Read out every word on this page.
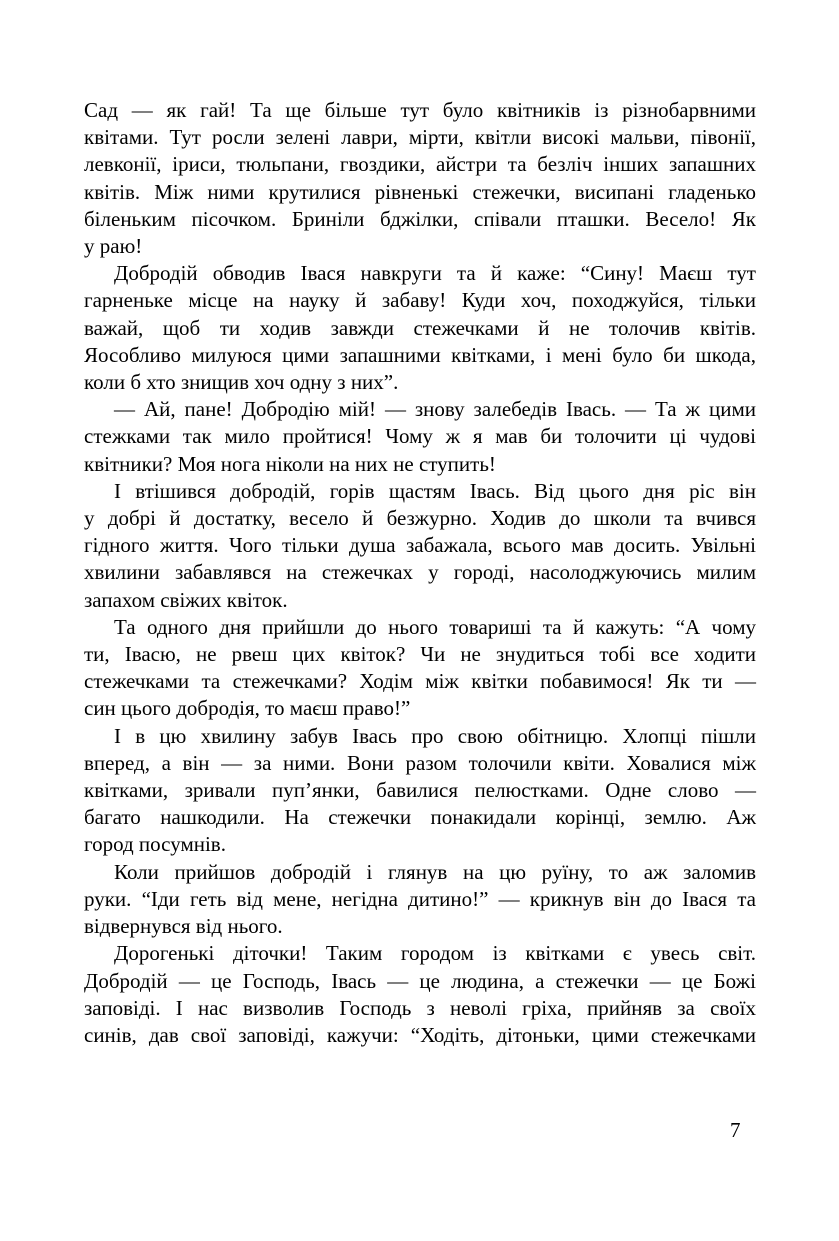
Сад — як гай! Та ще більше тут було квітників із різнобарвними
квітами. Тут росли зелені лаври, мірти, квітли високі мальви, півонії,
левконії, іриси, тюльпани, гвоздики, айстри та безліч інших запашних
квітів. Між ними крутилися рівненькі стежечки, висипані гладенько
біленьким пісочком. Бриніли бджілки, співали пташки. Весело! Як
у раю!

Добродій обводив Івася навкруги та й каже: “Сину! Маєш тут
гарненьке місце на науку й забаву! Куди хоч, походжуйся, тільки
важай, щоб ти ходив завжди стежечками й не толочив квітів.
Яособливо милуюся цими запашними квітками, і мені було би шкода,
коли б хто знищив хоч одну з них”.

— Ай, пане! Добродію мій! — знову залебедів Івась. — Та ж цими
стежками так мило пройтися! Чому ж я мав би толочити ці чудові
квітники? Моя нога ніколи на них не ступить!

І втішився добродій, горів щастям Івась. Від цього дня ріс він
у добрі й достатку, весело й безжурно. Ходив до школи та вчився
гідного життя. Чого тільки душа забажала, всього мав досить. Увільні
хвилини забавлявся на стежечках у городі, насолоджуючись милим
запахом свіжих квіток.

Та одного дня прийшли до нього товариші та й кажуть: “А чому
ти, Івасю, не рвеш цих квіток? Чи не знудиться тобі все ходити
стежечками та стежечками? Ходім між квітки побавимося! Як ти —
син цього добродія, то маєш право!”

І в цю хвилину забув Івась про свою обітницю. Хлопці пішли
вперед, а він — за ними. Вони разом толочили квіти. Ховалися між
квітками, зривали пуп’янки, бавилися пелюстками. Одне слово —
багато нашкодили. На стежечки понакидали корінці, землю. Аж
город посумнів.

Коли прийшов добродій і глянув на цю руїну, то аж заломив
руки. “Іди геть від мене, негідна дитино!” — крикнув він до Івася та
відвернувся від нього.

Дорогенькі діточки! Таким городом із квітками є увесь світ.
Добродій — це Господь, Івась — це людина, а стежечки — це Божі
заповіді. І нас визволив Господь з неволі гріха, прийняв за своїх
синів, дав свої заповіді, кажучи: “Ходіть, дітоньки, цими стежечками

7
